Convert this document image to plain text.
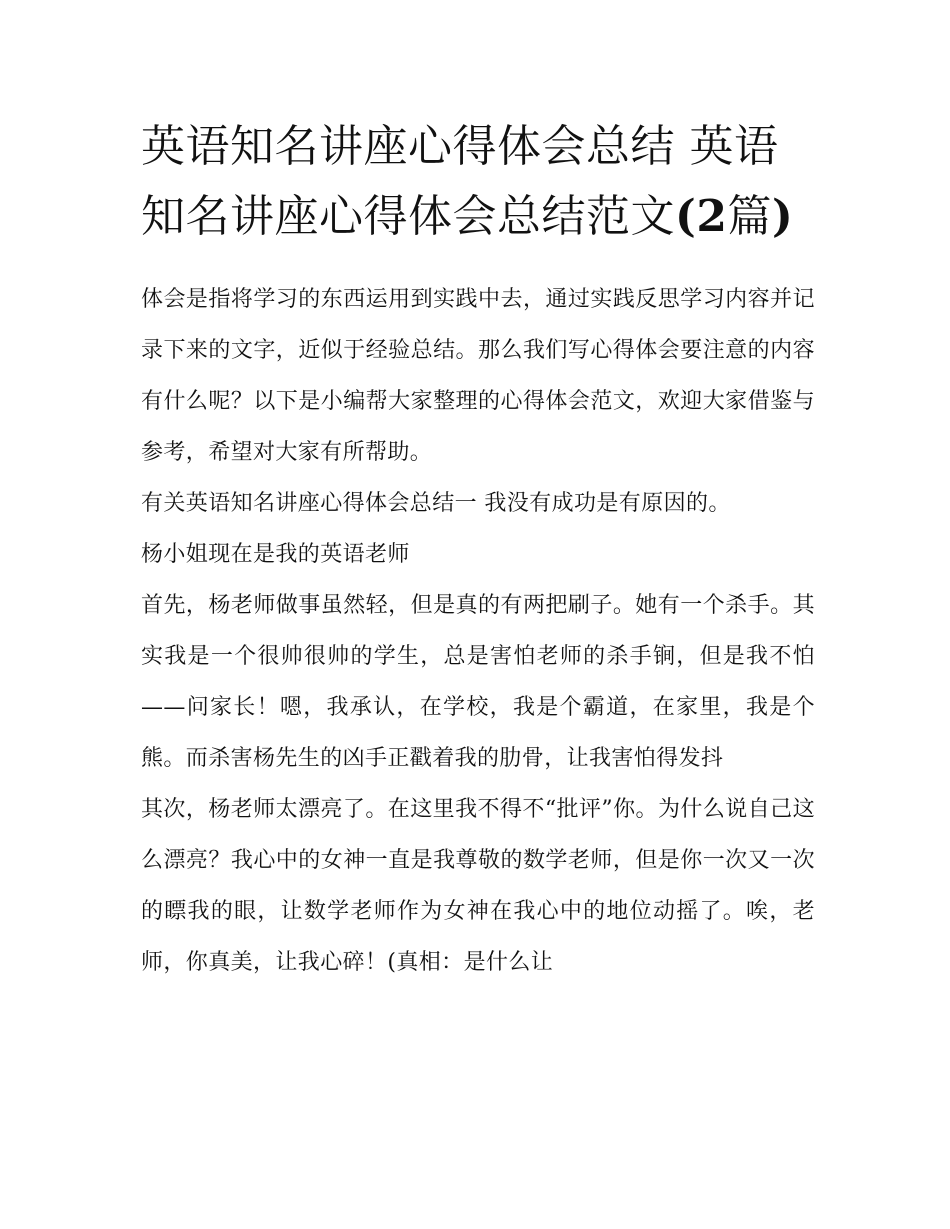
英语知名讲座心得体会总结 英语知名讲座心得体会总结范文(2篇)

体会是指将学习的东西运用到实践中去，通过实践反思学习内容并记录下来的文字，近似于经验总结。那么我们写心得体会要注意的内容有什么呢？以下是小编帮大家整理的心得体会范文，欢迎大家借鉴与参考，希望对大家有所帮助。

有关英语知名讲座心得体会总结一 我没有成功是有原因的。

杨小姐现在是我的英语老师

首先，杨老师做事虽然轻，但是真的有两把刷子。她有一个杀手。其实我是一个很帅很帅的学生，总是害怕老师的杀手锏，但是我不怕——问家长！嗯，我承认，在学校，我是个霸道，在家里，我是个熊。而杀害杨先生的凶手正戳着我的肋骨，让我害怕得发抖

其次，杨老师太漂亮了。在这里我不得不“批评”你。为什么说自己这么漂亮？我心中的女神一直是我尊敬的数学老师，但是你一次又一次的瞟我的眼，让数学老师作为女神在我心中的地位动摇了。唉，老师，你真美，让我心碎！(真相：是什么让
